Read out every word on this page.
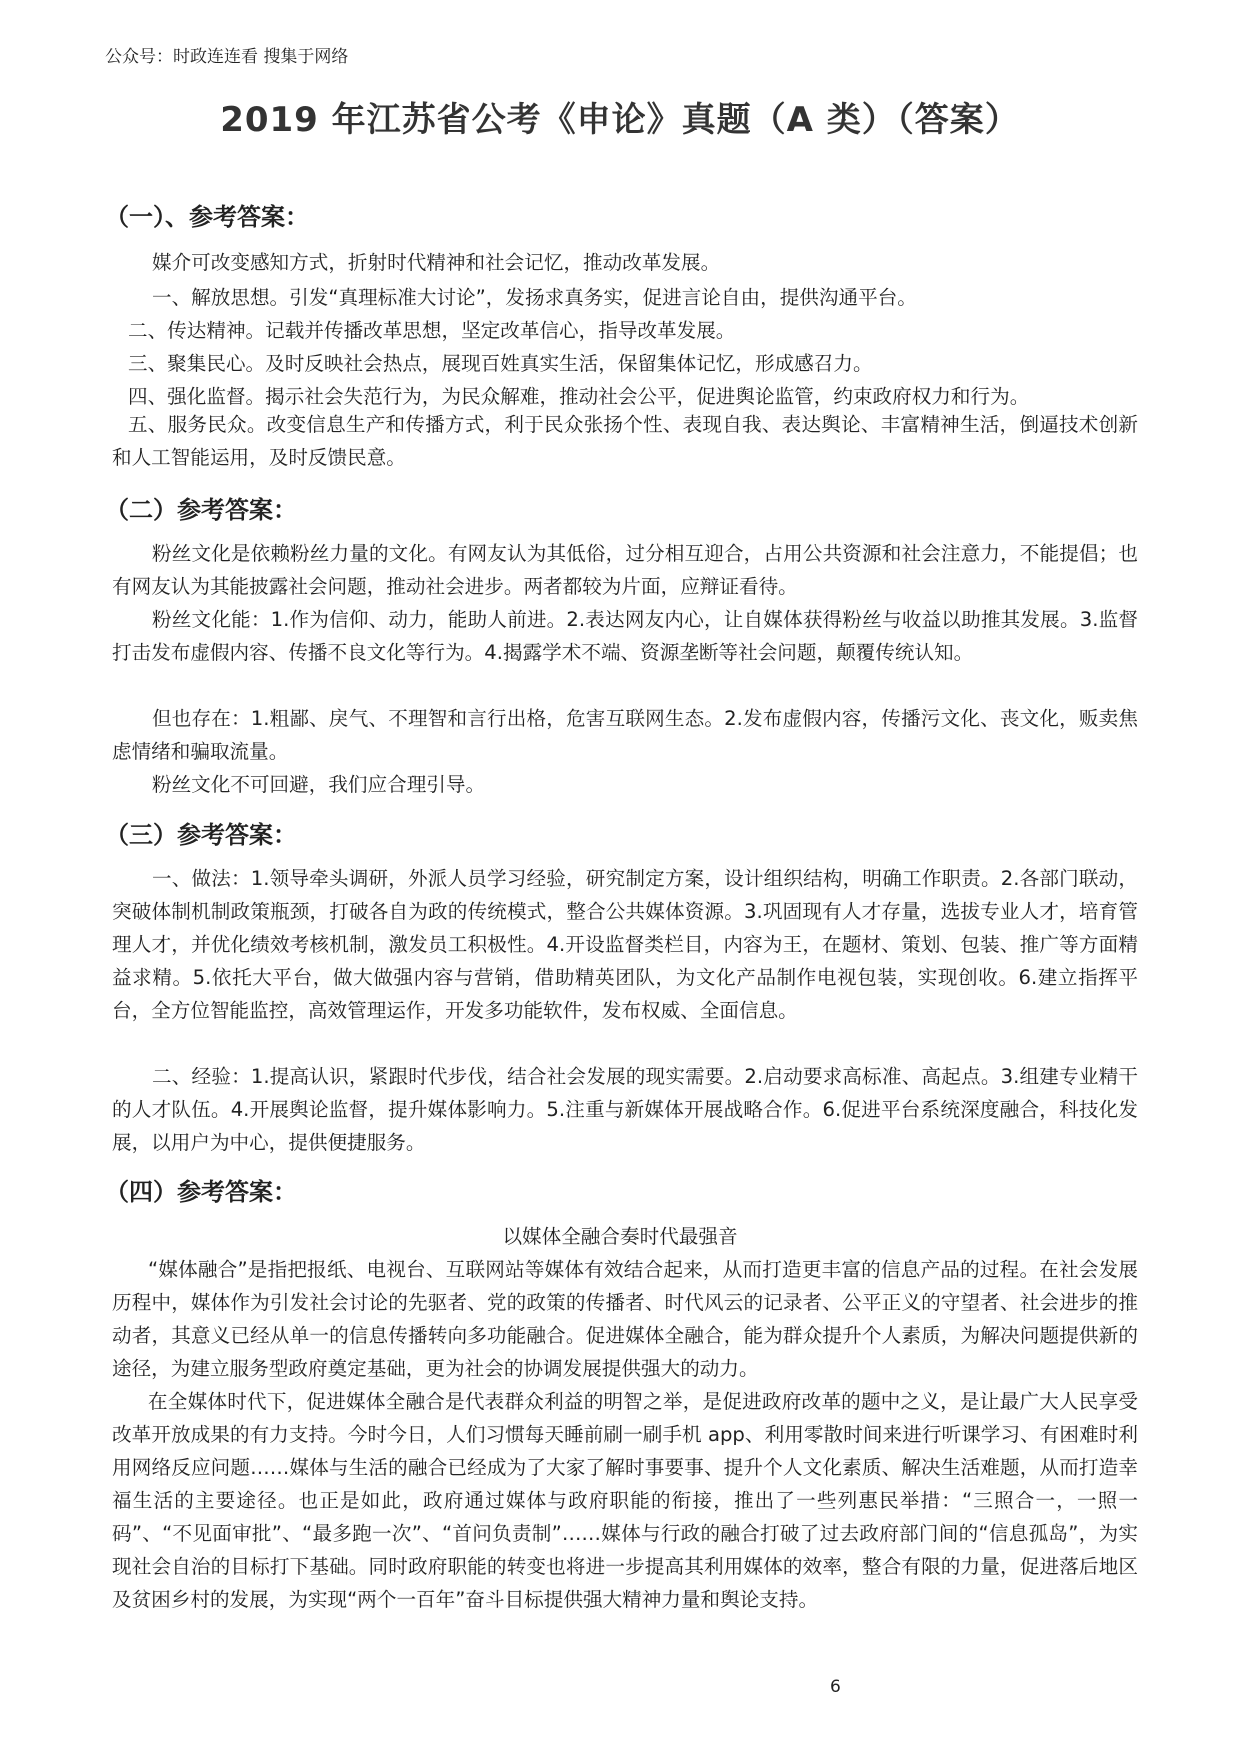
公众号：时政连连看 搜集于网络
2019 年江苏省公考《申论》真题（A 类）（答案）
（一）、参考答案：
媒介可改变感知方式，折射时代精神和社会记忆，推动改革发展。
一、解放思想。引发“真理标准大讨论”，发扬求真务实，促进言论自由，提供沟通平台。
二、传达精神。记载并传播改革思想，坚定改革信心，指导改革发展。
三、聚集民心。及时反映社会热点，展现百姓真实生活，保留集体记忆，形成感召力。
四、强化监督。揭示社会失范行为，为民众解难，推动社会公平，促进舆论监管，约束政府权力和行为。
五、服务民众。改变信息生产和传播方式，利于民众张扬个性、表现自我、表达舆论、丰富精神生活，倒逼技术创新和人工智能运用，及时反馈民意。
（二）参考答案：
粉丝文化是依赖粉丝力量的文化。有网友认为其低俗，过分相互迎合，占用公共资源和社会注意力，不能提倡；也有网友认为其能披露社会问题，推动社会进步。两者都较为片面，应辩证看待。
粉丝文化能：1.作为信仰、动力，能助人前进。2.表达网友内心，让自媒体获得粉丝与收益以助推其发展。3.监督打击发布虚假内容、传播不良文化等行为。4.揭露学术不端、资源垄断等社会问题，颠覆传统认知。
但也存在：1.粗鄙、戾气、不理智和言行出格，危害互联网生态。2.发布虚假内容，传播污文化、丧文化，贩卖焦虑情绪和骗取流量。
粉丝文化不可回避，我们应合理引导。
（三）参考答案：
一、做法：1.领导牵头调研，外派人员学习经验，研究制定方案，设计组织结构，明确工作职责。2.各部门联动，突破体制机制政策瓶颈，打破各自为政的传统模式，整合公共媒体资源。3.巩固现有人才存量，选拔专业人才，培育管理人才，并优化绩效考核机制，激发员工积极性。4.开设监督类栏目，内容为王，在题材、策划、包装、推广等方面精益求精。5.依托大平台，做大做强内容与营销，借助精英团队，为文化产品制作电视包装，实现创收。6.建立指挥平台，全方位智能监控，高效管理运作，开发多功能软件，发布权威、全面信息。
二、经验：1.提高认识，紧跟时代步伐，结合社会发展的现实需要。2.启动要求高标准、高起点。3.组建专业精干的人才队伍。4.开展舆论监督，提升媒体影响力。5.注重与新媒体开展战略合作。6.促进平台系统深度融合，科技化发展，以用户为中心，提供便捷服务。
（四）参考答案：
以媒体全融合奏时代最强音
“媒体融合”是指把报纸、电视台、互联网站等媒体有效结合起来，从而打造更丰富的信息产品的过程。在社会发展历程中，媒体作为引发社会讨论的先驱者、党的政策的传播者、时代风云的记录者、公平正义的守望者、社会进步的推动者，其意义已经从单一的信息传播转向多功能融合。促进媒体全融合，能为群众提升个人素质，为解决问题提供新的途径，为建立服务型政府奠定基础，更为社会的协调发展提供强大的动力。
在全媒体时代下，促进媒体全融合是代表群众利益的明智之举，是促进政府改革的题中之义，是让最广大人民享受改革开放成果的有力支持。今时今日，人们习惯每天睡前刷一刷手机 app、利用零散时间来进行听课学习、有困难时利用网络反应问题……媒体与生活的融合已经成为了大家了解时事要事、提升个人文化素质、解决生活难题，从而打造幸福生活的主要途径。也正是如此，政府通过媒体与政府职能的衔接，推出了一些列惠民举措：“三照合一，一照一码”、“不见面审批”、“最多跑一次”、“首问负责制”……媒体与行政的融合打破了过去政府部门间的“信息孤岛”，为实现社会自治的目标打下基础。同时政府职能的转变也将进一步提高其利用媒体的效率，整合有限的力量，促进落后地区及贫困乡村的发展，为实现“两个一百年”奋斗目标提供强大精神力量和舆论支持。
6
